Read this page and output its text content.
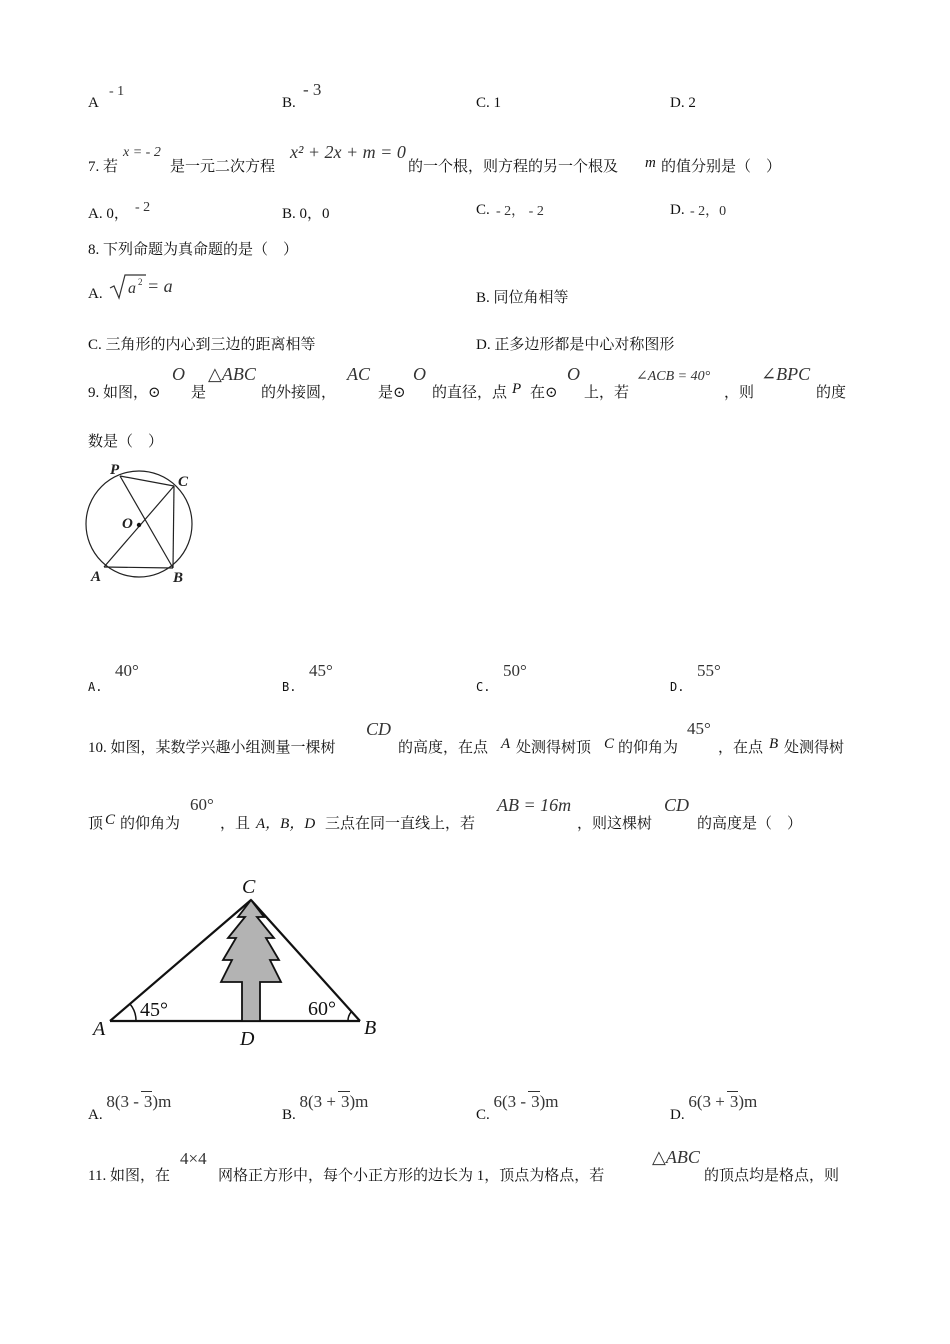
A
- 1
B.
- 3
C. 1	D. 2
7. 若
x = - 2
是一元二次方程
x² + 2x + m = 0
的一个根，则方程的另一个根及 m 的值分别是（　）
A. 0， - 2	B. 0，0	C. - 2， - 2	D. - 2，0
8. 下列命题为真命题的是（　）
A. a 2 = a
B. 同位角相等
C. 三角形的内心到三边的距离相等	D. 正多边形都是中心对称图形
9. 如图，⊙
O
是
△ABC
的外接圆，
AC
是⊙
O
的直径，点 P 在⊙
O
上，若
∠ACB = 40°
，则
∠BPC
的度
数是（　）
P
C
O
A	B
A.
40°
B.
45°
C.
50°
D.
55°
10. 如图，某数学兴趣小组测量一棵树
CD
的高度，在点 A 处测得树顶 C 的仰角为
45°
，在点 B 处测得树
顶 C 的仰角为
60°
，且 A，B，D 三点在同一直线上，若
AB = 16m
，则这棵树
CD
的高度是（　）
45°	60°
C
A	B
D
A. 8(3 - 3)m
B. 8(3 + 3)m
C. 6(3 - 3)m
D. 6(3 + 3)m
11. 如图，在
4×4
网格正方形中，每个小正方形的边长为 1，顶点为格点，若
△ABC
的顶点均是格点，则
